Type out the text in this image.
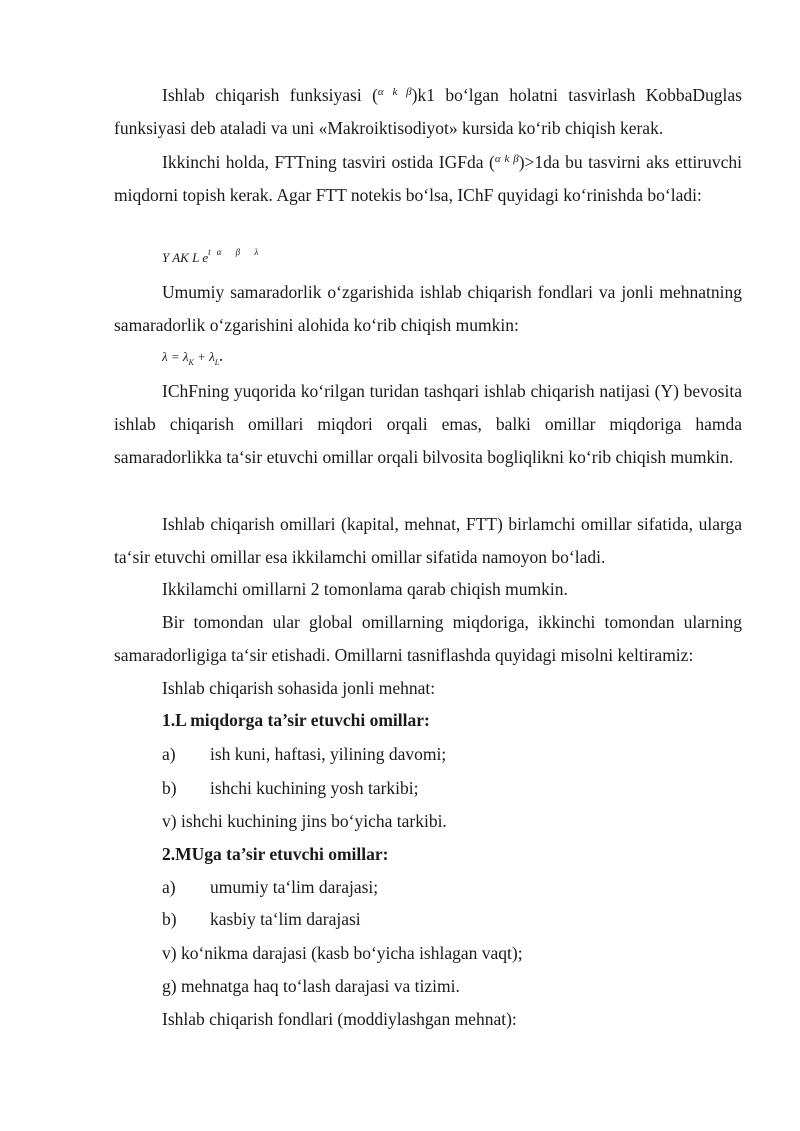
Ishlab chiqarish funksiyasi ($^{\alpha k \beta}$)k1 bo‘lgan holatni tasvirlash KobbaDuglas funksiyasi deb ataladi va uni «Makroiktisodiyot» kursida ko‘rib chiqish kerak.

Ikkinchi holda, FTTning tasviri ostida IGFda ($^{\alpha k \beta}$)>1da bu tasvirni aks ettiruvchi miqdorni topish kerak. Agar FTT notekis bo‘lsa, IChF quyidagi ko‘rinishda bo‘ladi:

Y AK L $e^{t\alpha \beta \lambda}$

Umumiy samaradorlik o‘zgarishida ishlab chiqarish fondlari va jonli mehnatning samaradorlik o‘zgarishini alohida ko‘rib chiqish mumkin:

$\lambda = \lambda_K + \lambda_L$.

IChFning yuqorida ko‘rilgan turidan tashqari ishlab chiqarish natijasi (Y) bevosita ishlab chiqarish omillari miqdori orqali emas, balki omillar miqdoriga hamda samaradorlikka ta‘sir etuvchi omillar orqali bilvosita bogliqlikni ko‘rib chiqish mumkin.

Ishlab chiqarish omillari (kapital, mehnat, FTT) birlamchi omillar sifatida, ularga ta‘sir etuvchi omillar esa ikkilamchi omillar sifatida namoyon bo‘ladi.

Ikkilamchi omillarni 2 tomonlama qarab chiqish mumkin.

Bir tomondan ular global omillarning miqdoriga, ikkinchi tomondan ularning samaradorligiga ta‘sir etishadi. Omillarni tasniflashda quyidagi misolni keltiramiz:

Ishlab chiqarish sohasida jonli mehnat:

1.L miqdorga ta’sir etuvchi omillar:

a) ish kuni, haftasi, yilining davomi;

b) ishchi kuchining yosh tarkibi;

v) ishchi kuchining jins bo‘yicha tarkibi.

2.MUga ta’sir etuvchi omillar:

a) umumiy ta‘lim darajasi;

b) kasbiy ta‘lim darajasi

v) ko‘nikma darajasi (kasb bo‘yicha ishlagan vaqt);

g) mehnatga haq to‘lash darajasi va tizimi.

Ishlab chiqarish fondlari (moddiylashgan mehnat):
